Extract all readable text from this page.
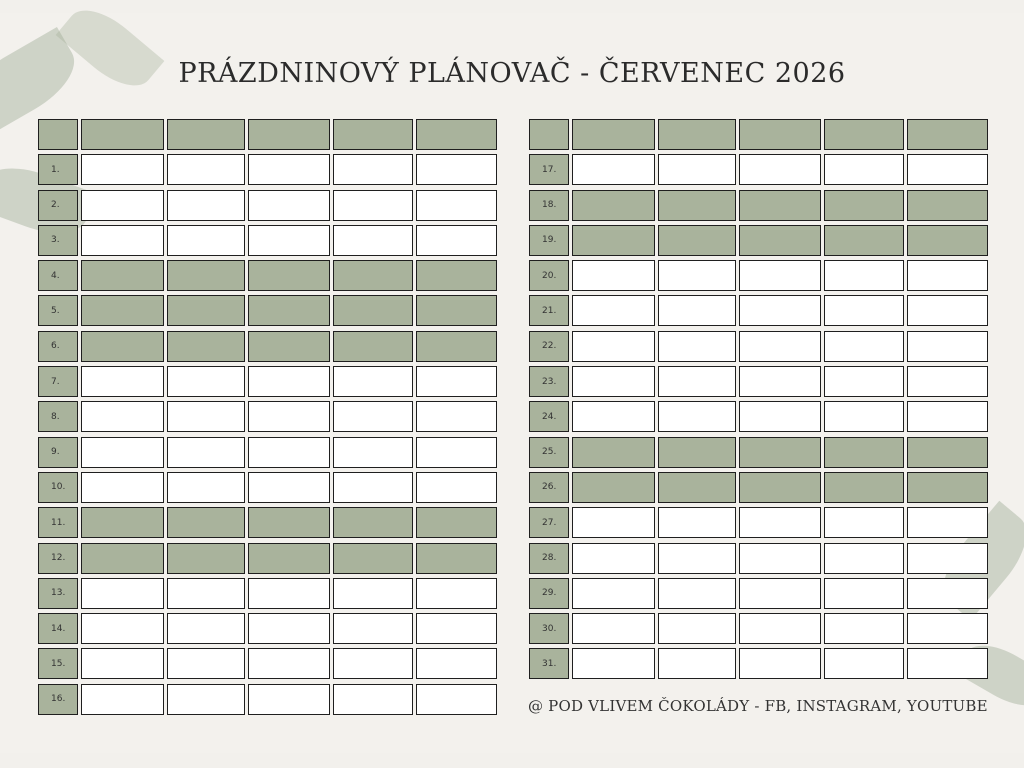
PRÁZDNINOVÝ PLÁNOVAČ - ČERVENEC 2026
1.
2.
3.
4.
5.
6.
7.
8.
9.
10.
11.
12.
13.
14.
15.
16.
17.
18.
19.
20.
21.
22.
23.
24.
25.
26.
27.
28.
29.
30.
31.
@ POD VLIVEM ČOKOLÁDY - FB, INSTAGRAM, YOUTUBE
